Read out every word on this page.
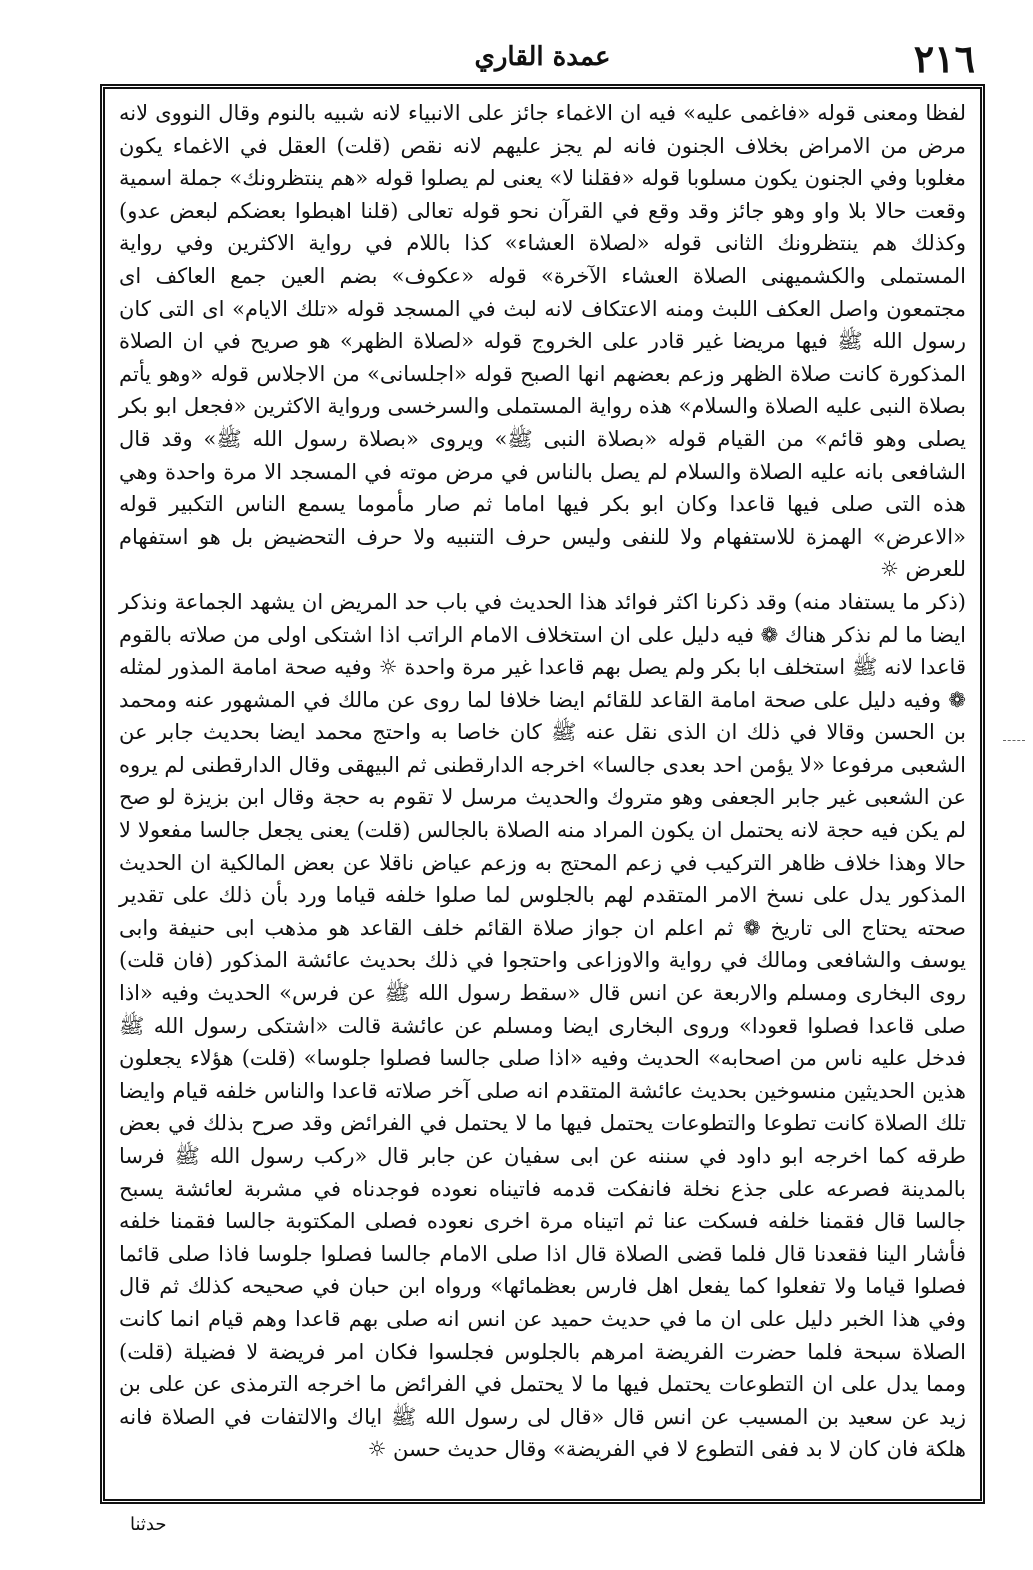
عمدة القاري	٢١٦

لفظا ومعنى قوله «فاغمى عليه» فيه ان الاغماء جائز على الانبياء لانه شبيه بالنوم وقال النووى لانه مرض من الامراض بخلاف الجنون فانه لم يجز عليهم لانه نقص (قلت) العقل في الاغماء يكون مغلوبا وفي الجنون يكون مسلوبا قوله «فقلنا لا» يعنى لم يصلوا قوله «هم ينتظرونك» جملة اسمية وقعت حالا بلا واو وهو جائز وقد وقع في القرآن نحو قوله تعالى (قلنا اهبطوا بعضكم لبعض عدو) وكذلك هم ينتظرونك الثانى قوله «لصلاة العشاء» كذا باللام في رواية الاكثرين وفي رواية المستملى والكشميهنى الصلاة العشاء الآخرة» قوله «عكوف» بضم العين جمع العاكف اى مجتمعون واصل العكف اللبث ومنه الاعتكاف لانه لبث في المسجد قوله «تلك الايام» اى التى كان رسول الله ﷺ فيها مريضا غير قادر على الخروج قوله «لصلاة الظهر» هو صريح في ان الصلاة المذكورة كانت صلاة الظهر وزعم بعضهم انها الصبح قوله «اجلسانى» من الاجلاس قوله «وهو يأتم بصلاة النبى عليه الصلاة والسلام» هذه رواية المستملى والسرخسى ورواية الاكثرين «فجعل ابو بكر يصلى وهو قائم» من القيام قوله «بصلاة النبى ﷺ» ويروى «بصلاة رسول الله ﷺ» وقد قال الشافعى بانه عليه الصلاة والسلام لم يصل بالناس في مرض موته في المسجد الا مرة واحدة وهي هذه التى صلى فيها قاعدا وكان ابو بكر فيها اماما ثم صار مأموما يسمع الناس التكبير قوله «الاعرض» الهمزة للاستفهام ولا للنفى وليس حرف التنبيه ولا حرف التحضيض بل هو استفهام للعرض ☼

(ذكر ما يستفاد منه) وقد ذكرنا اكثر فوائد هذا الحديث في باب حد المريض ان يشهد الجماعة ونذكر ايضا ما لم نذكر هناك ❁ فيه دليل على ان استخلاف الامام الراتب اذا اشتكى اولى من صلاته بالقوم قاعدا لانه ﷺ استخلف ابا بكر ولم يصل بهم قاعدا غير مرة واحدة ☼ وفيه صحة امامة المذور لمثله ❁ وفيه دليل على صحة امامة القاعد للقائم ايضا خلافا لما روى عن مالك في المشهور عنه ومحمد بن الحسن وقالا في ذلك ان الذى نقل عنه ﷺ كان خاصا به واحتج محمد ايضا بحديث جابر عن الشعبى مرفوعا «لا يؤمن احد بعدى جالسا» اخرجه الدارقطنى ثم البيهقى وقال الدارقطنى لم يروه عن الشعبى غير جابر الجعفى وهو متروك والحديث مرسل لا تقوم به حجة وقال ابن بزيزة لو صح لم يكن فيه حجة لانه يحتمل ان يكون المراد منه الصلاة بالجالس (قلت) يعنى يجعل جالسا مفعولا لا حالا وهذا خلاف ظاهر التركيب في زعم المحتج به وزعم عياض ناقلا عن بعض المالكية ان الحديث المذكور يدل على نسخ الامر المتقدم لهم بالجلوس لما صلوا خلفه قياما ورد بأن ذلك على تقدير صحته يحتاج الى تاريخ ❁ ثم اعلم ان جواز صلاة القائم خلف القاعد هو مذهب ابى حنيفة وابى يوسف والشافعى ومالك في رواية والاوزاعى واحتجوا في ذلك بحديث عائشة المذكور (فان قلت) روى البخارى ومسلم والاربعة عن انس قال «سقط رسول الله ﷺ عن فرس» الحديث وفيه «اذا صلى قاعدا فصلوا قعودا» وروى البخارى ايضا ومسلم عن عائشة قالت «اشتكى رسول الله ﷺ فدخل عليه ناس من اصحابه» الحديث وفيه «اذا صلى جالسا فصلوا جلوسا» (قلت) هؤلاء يجعلون هذين الحديثين منسوخين بحديث عائشة المتقدم انه صلى آخر صلاته قاعدا والناس خلفه قيام وايضا تلك الصلاة كانت تطوعا والتطوعات يحتمل فيها ما لا يحتمل في الفرائض وقد صرح بذلك في بعض طرقه كما اخرجه ابو داود في سننه عن ابى سفيان عن جابر قال «ركب رسول الله ﷺ فرسا بالمدينة فصرعه على جذع نخلة فانفكت قدمه فاتيناه نعوده فوجدناه في مشربة لعائشة يسبح جالسا قال فقمنا خلفه فسكت عنا ثم اتيناه مرة اخرى نعوده فصلى المكتوبة جالسا فقمنا خلفه فأشار الينا فقعدنا قال فلما قضى الصلاة قال اذا صلى الامام جالسا فصلوا جلوسا فاذا صلى قائما فصلوا قياما ولا تفعلوا كما يفعل اهل فارس بعظمائها» ورواه ابن حبان في صحيحه كذلك ثم قال وفي هذا الخبر دليل على ان ما في حديث حميد عن انس انه صلى بهم قاعدا وهم قيام انما كانت الصلاة سبحة فلما حضرت الفريضة امرهم بالجلوس فجلسوا فكان امر فريضة لا فضيلة (قلت) ومما يدل على ان التطوعات يحتمل فيها ما لا يحتمل في الفرائض ما اخرجه الترمذى عن على بن زيد عن سعيد بن المسيب عن انس قال «قال لى رسول الله ﷺ اياك والالتفات في الصلاة فانه هلكة فان كان لا بد ففى التطوع لا في الفريضة» وقال حديث حسن ☼

حدثنا
